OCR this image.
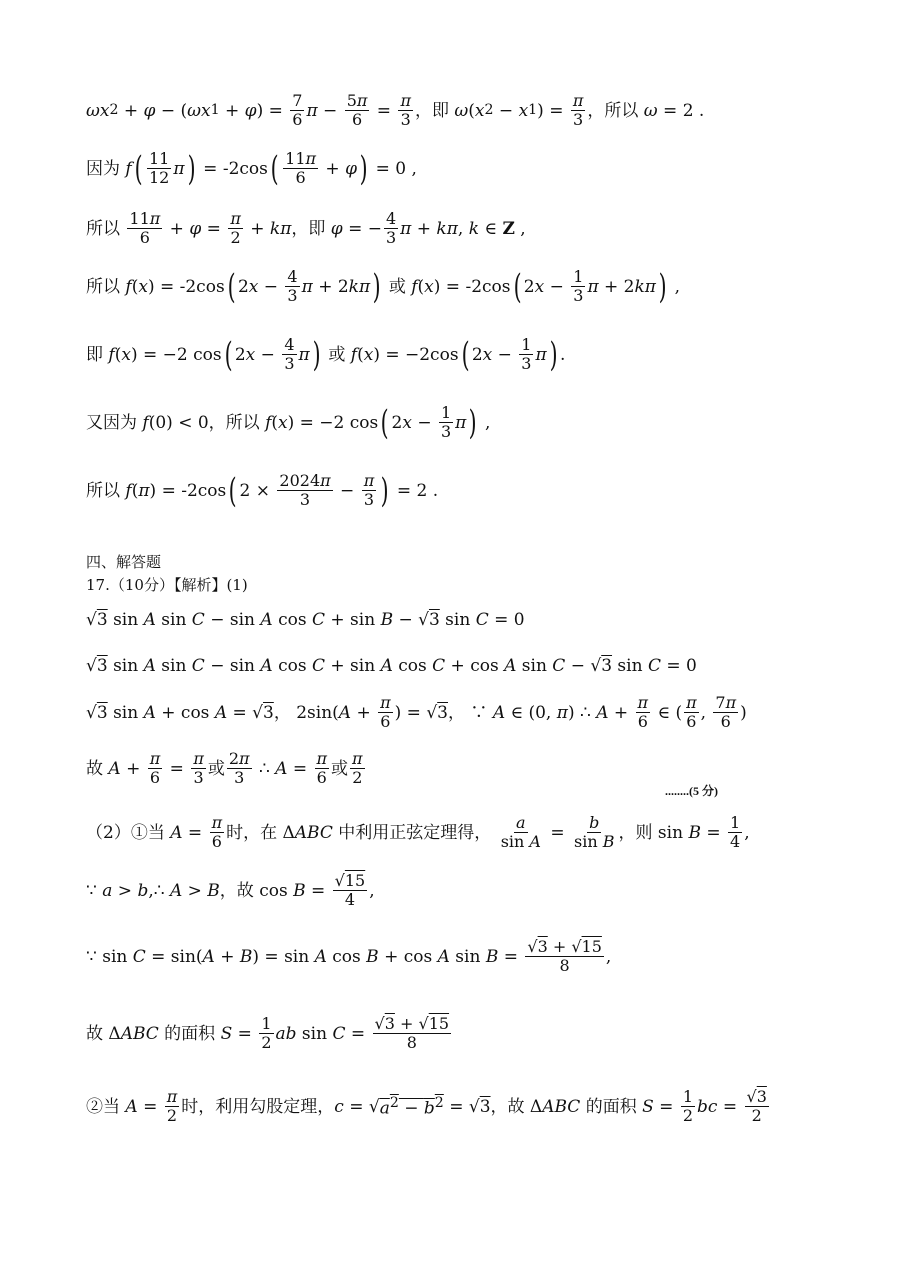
ωx 2 + φ − ( ωx 1 + φ ) = $\frac{7}{6}$ $\pi - \frac{5\pi}{6} = \frac{\pi}{3}$ ，即 ω ( x 2 − x 1 ) = $\frac{\pi}{3}$ ，所以 ω = 2 .
因为 f ( $\frac{11}{12}$ π ) = -2cos ( $\frac{11\pi}{6} + \varphi$ ) = 0 ,
所以 $\frac{11\pi}{6} + \varphi = \frac{\pi}{2} + k\pi$ ，即 φ = − $\frac{4}{3}$ π + kπ , k ∈ Z ,
所以 f ( x ) = -2cos ( 2 $x - \frac{4}{3}$ π + 2 kπ ) 或 f ( x ) = -2cos ( 2 $x - \frac{1}{3}$ π + 2 kπ ) ,
即 f ( x ) = −2 cos ( 2 $x - \frac{4}{3}$ π ) 或 f ( x ) = −2cos ( 2 $x - \frac{1}{3}$ π ) .
又因为 f (0) < 0，所以 f ( x ) = −2 cos ( 2 $x - \frac{1}{3}$ π ) ,
所以 f ( π ) = -2cos ( $2 \times \frac{2024\pi}{3} - \frac{\pi}{3}$ ) = 2 .
四、解答题
17.（10分）【解析】(1)
√ 3 sin A sin C − sin A cos C + sin B − √ 3 sin C = 0
√ 3 sin A sin C − sin A cos C + sin A cos C + cos A sin C − √ 3 sin C = 0
√ 3 sin A + cos A = √ 3 ， 2sin( $A + \frac{\pi}{6}$ ) = √ 3 ， ∵ A ∈ (0, π ) ∴ $A + \frac{\pi}{6}$ ∈ ( $\frac{\pi}{6}$ , $\frac{7\pi}{6}$ )
故 $A + \frac{\pi}{6} = \frac{\pi}{3}$ 或 $\frac{2\pi}{3}$ ∴ $A = \frac{\pi}{6}$ 或 $\frac{\pi}{2}$
........(5 分)
（2）①当 $A = \frac{\pi}{6}$ 时，在 Δ ABC 中利用正弦定理得， $\frac{a}{\text{sin A}} = \frac{b}{\text{sin B}}$ ，则 $\sin B = \frac{1}{4}$ ,
∵ a > b ,∴ A > B ，故 $\cos B = \frac{√15}{4}$ ,
∵ sin C = sin( A + B ) = sin A cos B + cos A $\sin B = \frac{√3 + √15}{8}$ ,
故 Δ ABC 的面积 $S = \frac{1}{2}$ ab $\sin C = \frac{√3 + √15}{8}$
②当 $A = \frac{\pi}{2}$ 时，利用勾股定理， c = √ $a^2 - b^2$ = √ 3 ，故 Δ ABC 的面积 $S = \frac{1}{2}$ bc = $\frac{√3}{2}$
